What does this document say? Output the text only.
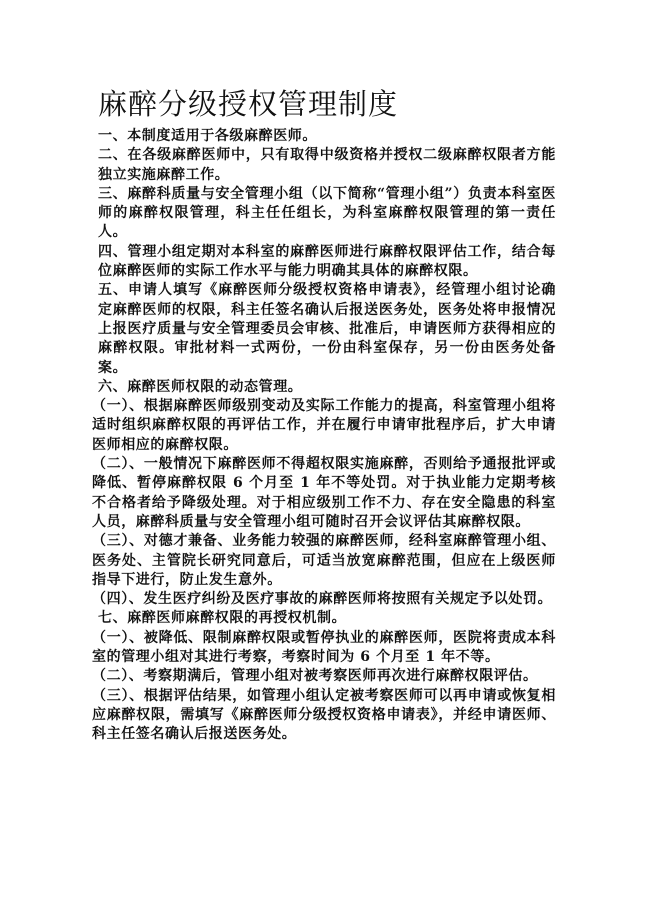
麻醉分级授权管理制度

一、本制度适用于各级麻醉医师。

二、在各级麻醉医师中，只有取得中级资格并授权二级麻醉权限者方能独立实施麻醉工作。

三、麻醉科质量与安全管理小组（以下简称“管理小组”）负责本科室医师的麻醉权限管理，科主任任组长，为科室麻醉权限管理的第一责任人。

四、管理小组定期对本科室的麻醉医师进行麻醉权限评估工作，结合每位麻醉医师的实际工作水平与能力明确其具体的麻醉权限。

五、申请人填写《麻醉医师分级授权资格申请表》，经管理小组讨论确定麻醉医师的权限，科主任签名确认后报送医务处，医务处将申报情况上报医疗质量与安全管理委员会审核、批准后，申请医师方获得相应的麻醉权限。审批材料一式两份，一份由科室保存，另一份由医务处备案。

六、麻醉医师权限的动态管理。

（一）、根据麻醉医师级别变动及实际工作能力的提高，科室管理小组将适时组织麻醉权限的再评估工作，并在履行申请审批程序后，扩大申请医师相应的麻醉权限。

（二）、一般情况下麻醉医师不得超权限实施麻醉，否则给予通报批评或降低、暂停麻醉权限 6 个月至 1 年不等处罚。对于执业能力定期考核不合格者给予降级处理。对于相应级别工作不力、存在安全隐患的科室人员，麻醉科质量与安全管理小组可随时召开会议评估其麻醉权限。

（三）、对德才兼备、业务能力较强的麻醉医师，经科室麻醉管理小组、医务处、主管院长研究同意后，可适当放宽麻醉范围，但应在上级医师指导下进行，防止发生意外。

（四）、发生医疗纠纷及医疗事故的麻醉医师将按照有关规定予以处罚。

七、麻醉医师麻醉权限的再授权机制。

（一）、被降低、限制麻醉权限或暂停执业的麻醉医师，医院将责成本科室的管理小组对其进行考察，考察时间为 6 个月至 1 年不等。

（二）、考察期满后，管理小组对被考察医师再次进行麻醉权限评估。

（三）、根据评估结果，如管理小组认定被考察医师可以再申请或恢复相应麻醉权限，需填写《麻醉医师分级授权资格申请表》，并经申请医师、科主任签名确认后报送医务处。
